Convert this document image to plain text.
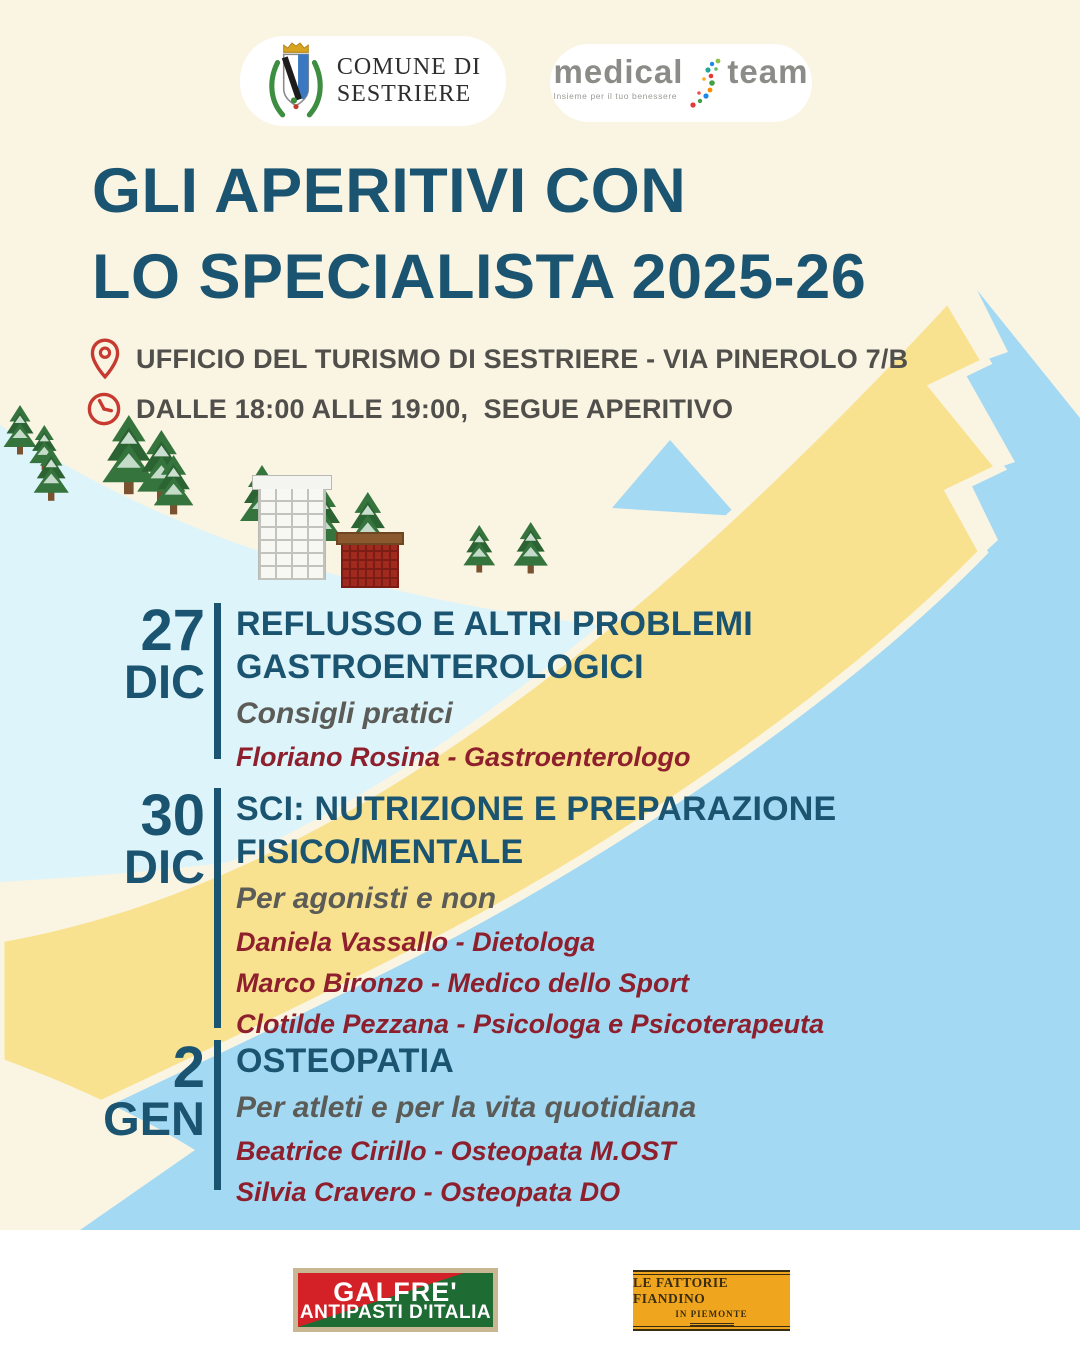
COMUNE DI
SESTRIERE
medical
Insieme per il tuo benessere
team
GLI APERITIVI CON
LO SPECIALISTA 2025-26
UFFICIO DEL TURISMO DI SESTRIERE - VIA PINEROLO 7/B
DALLE 18:00 ALLE 19:00,  SEGUE APERITIVO
27
DIC
REFLUSSO E ALTRI PROBLEMI
GASTROENTEROLOGICI
Consigli pratici
Floriano Rosina - Gastroenterologo
30
DIC
SCI: NUTRIZIONE E PREPARAZIONE
FISICO/MENTALE
Per agonisti e non
Daniela Vassallo - Dietologa
Marco Bironzo - Medico dello Sport
Clotilde Pezzana - Psicologa e Psicoterapeuta
2
GEN
OSTEOPATIA
Per atleti e per la vita quotidiana
Beatrice Cirillo - Osteopata M.OST
Silvia Cravero - Osteopata DO
GALFRE'
ANTIPASTI D'ITALIA
LE FATTORIE FIANDINO
IN PIEMONTE
